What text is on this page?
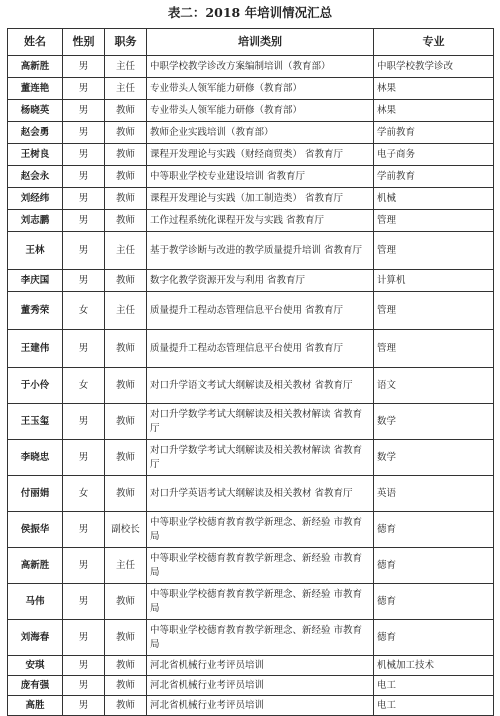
表二：2018 年培训情况汇总
姓名	性别	职务	培训类别	专业
高新胜	男	主任	中职学校教学诊改方案编制培训（教育部）	中职学校教学诊改
董连艳	男	主任	专业带头人领军能力研修（教育部）	林果
杨晓英	男	教师	专业带头人领军能力研修（教育部）	林果
赵会勇	男	教师	教师企业实践培训（教育部）	学前教育
王树良	男	教师	课程开发理论与实践（财经商贸类） 省教育厅	电子商务
赵会永	男	教师	中等职业学校专业建设培训 省教育厅	学前教育
刘经纬	男	教师	课程开发理论与实践（加工制造类） 省教育厅	机械
刘志鹏	男	教师	工作过程系统化课程开发与实践 省教育厅	管理
王林	男	主任	基于教学诊断与改进的教学质量提升培训 省教育厅	管理
李庆国	男	教师	数字化教学资源开发与利用 省教育厅	计算机
董秀荣	女	主任	质量提升工程动态管理信息平台使用 省教育厅	管理
王建伟	男	教师	质量提升工程动态管理信息平台使用 省教育厅	管理
于小伶	女	教师	对口升学语文考试大纲解读及相关教材 省教育厅	语文
王玉玺	男	教师	对口升学数学考试大纲解读及相关教材解读 省教育厅	数学
李晓忠	男	教师	对口升学数学考试大纲解读及相关教材解读 省教育厅	数学
付丽娟	女	教师	对口升学英语考试大纲解读及相关教材 省教育厅	英语
侯振华	男	副校长	中等职业学校德育教育教学新理念、新经验 市教育局	德育
高新胜	男	主任	中等职业学校德育教育教学新理念、新经验 市教育局	德育
马伟	男	教师	中等职业学校德育教育教学新理念、新经验 市教育局	德育
刘海春	男	教师	中等职业学校德育教育教学新理念、新经验 市教育局	德育
安琪	男	教师	河北省机械行业考评员培训	机械加工技术
庞有强	男	教师	河北省机械行业考评员培训	电工
高胜	男	教师	河北省机械行业考评员培训	电工
